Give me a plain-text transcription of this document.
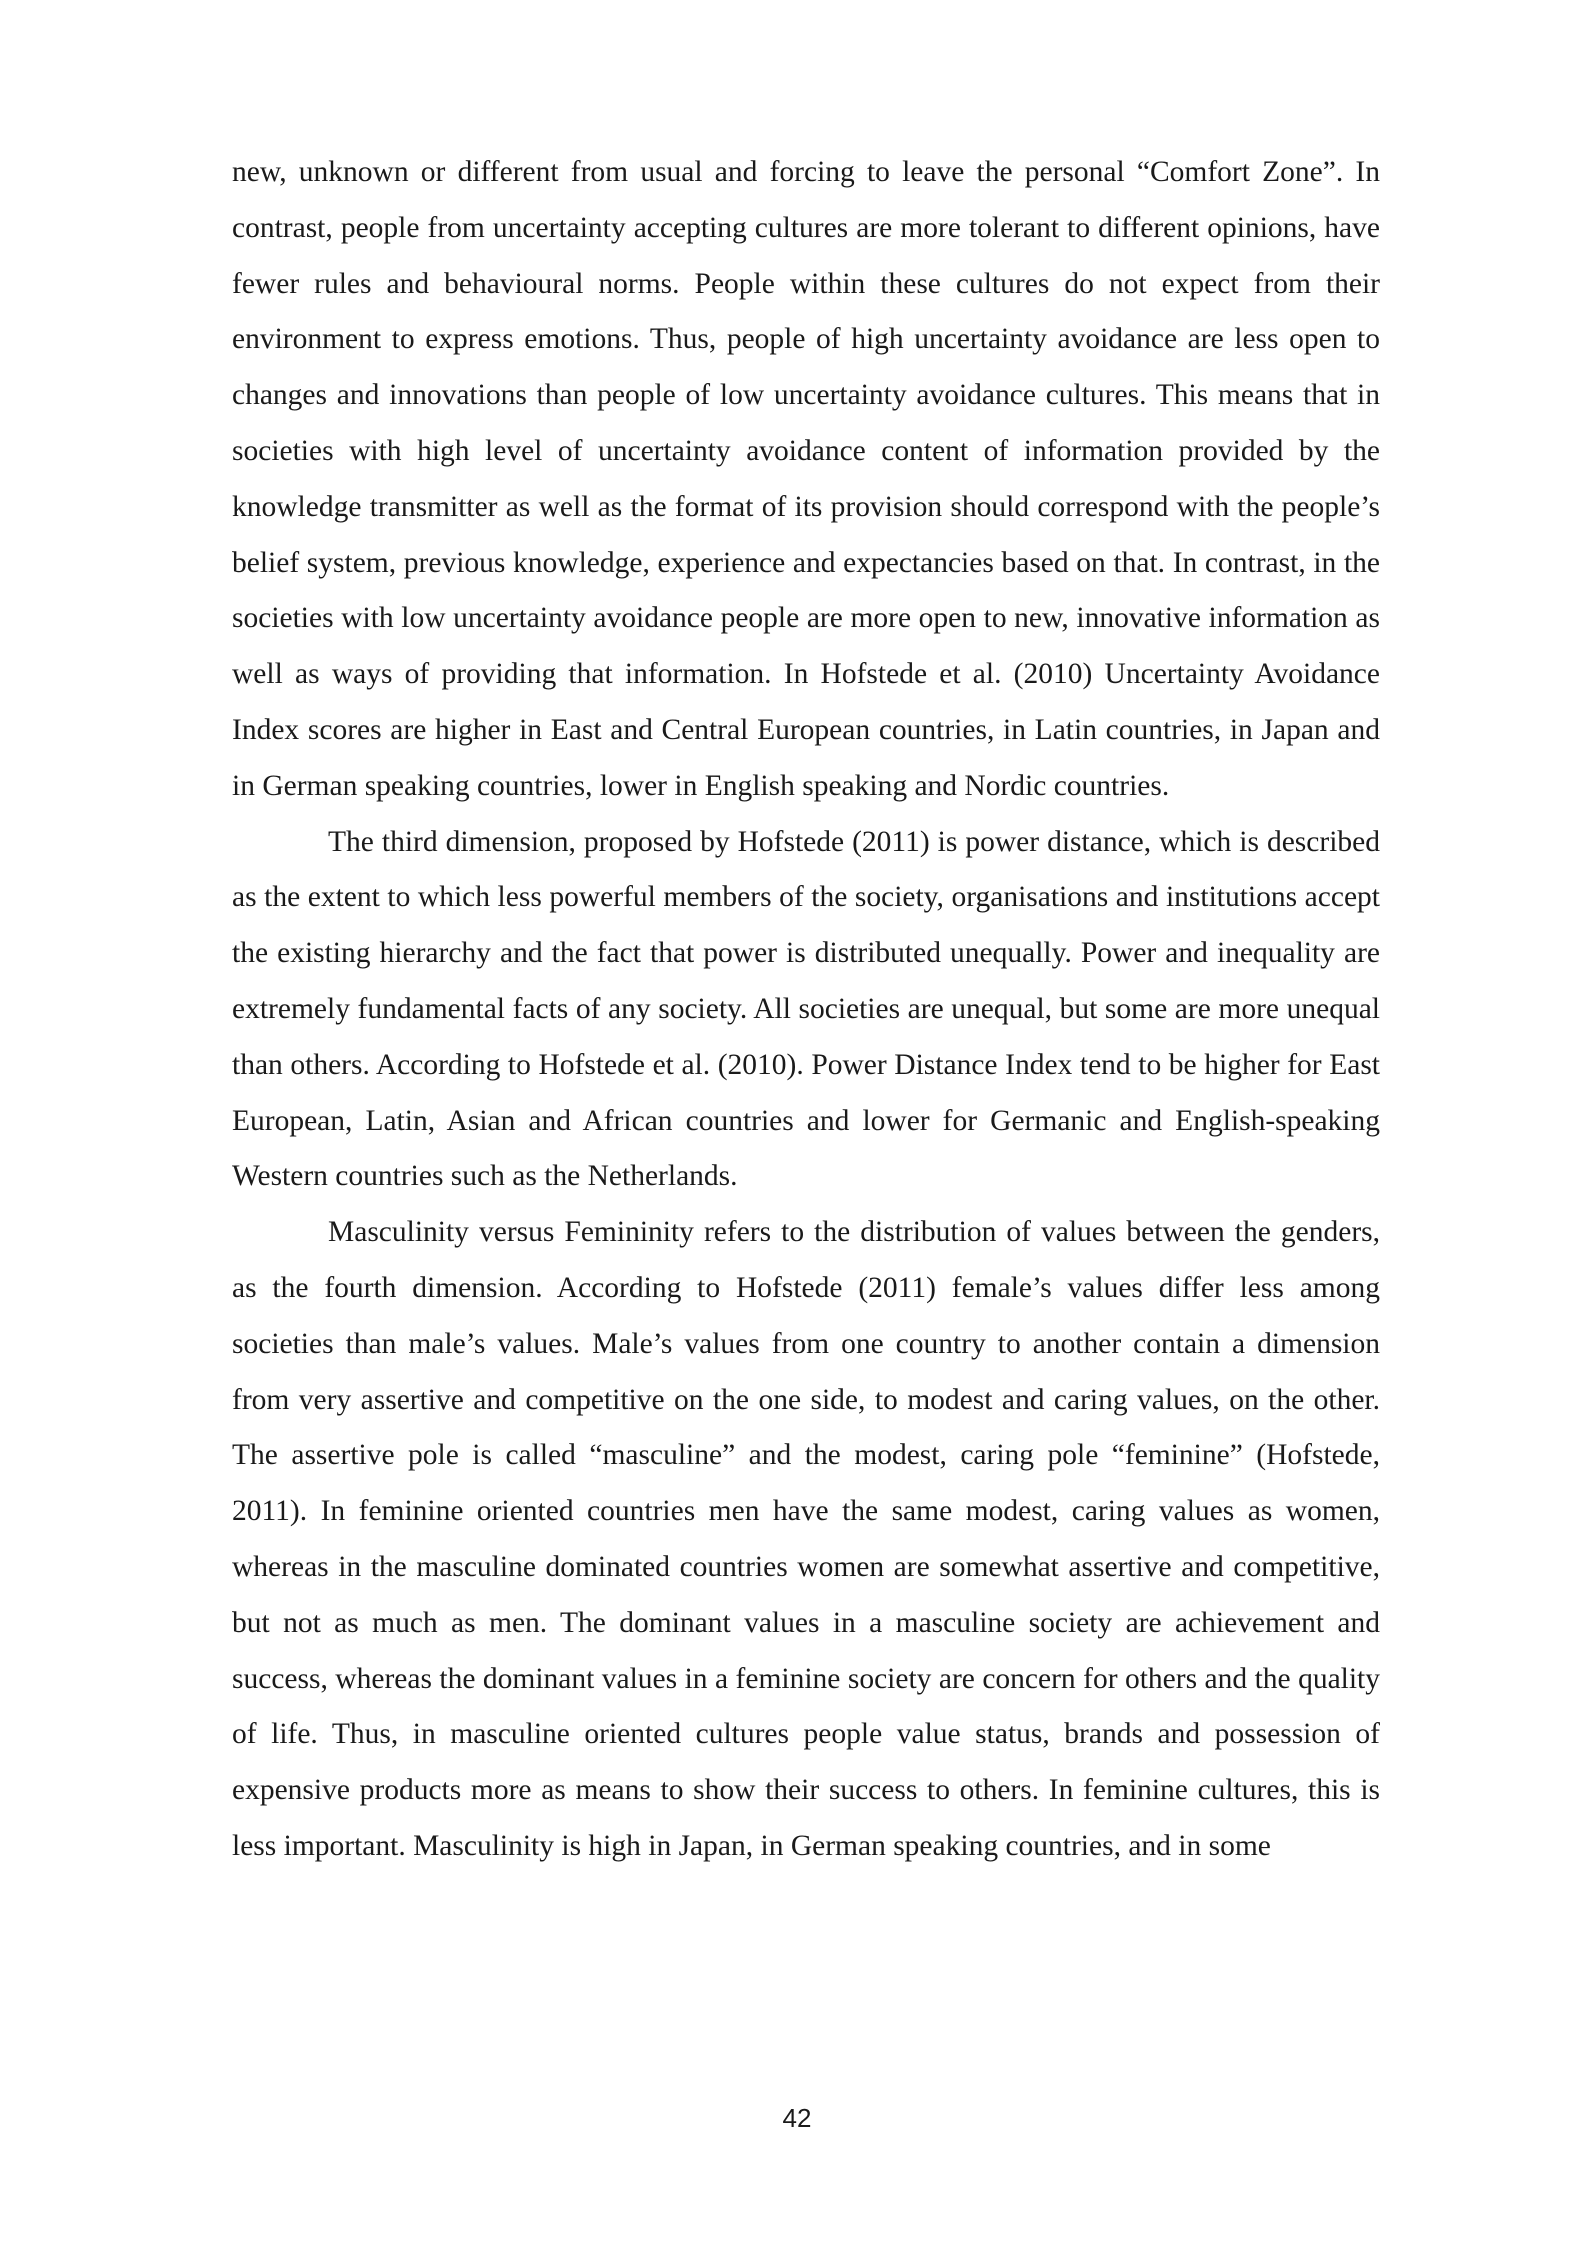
new, unknown or different from usual and forcing to leave the personal “Comfort Zone”. In contrast, people from uncertainty accepting cultures are more tolerant to different opinions, have fewer rules and behavioural norms. People within these cultures do not expect from their environment to express emotions. Thus, people of high uncertainty avoidance are less open to changes and innovations than people of low uncertainty avoidance cultures. This means that in societies with high level of uncertainty avoidance content of information provided by the knowledge transmitter as well as the format of its provision should correspond with the people’s belief system, previous knowledge, experience and expectancies based on that. In contrast, in the societies with low uncertainty avoidance people are more open to new, innovative information as well as ways of providing that information. In Hofstede et al. (2010) Uncertainty Avoidance Index scores are higher in East and Central European countries, in Latin countries, in Japan and in German speaking countries, lower in English speaking and Nordic countries.

The third dimension, proposed by Hofstede (2011) is power distance, which is described as the extent to which less powerful members of the society, organisations and institutions accept the existing hierarchy and the fact that power is distributed unequally. Power and inequality are extremely fundamental facts of any society. All societies are unequal, but some are more unequal than others. According to Hofstede et al. (2010). Power Distance Index tend to be higher for East European, Latin, Asian and African countries and lower for Germanic and English-speaking Western countries such as the Netherlands.

Masculinity versus Femininity refers to the distribution of values between the genders, as the fourth dimension. According to Hofstede (2011) female’s values differ less among societies than male’s values. Male’s values from one country to another contain a dimension from very assertive and competitive on the one side, to modest and caring values, on the other. The assertive pole is called “masculine” and the modest, caring pole “feminine” (Hofstede, 2011). In feminine oriented countries men have the same modest, caring values as women, whereas in the masculine dominated countries women are somewhat assertive and competitive, but not as much as men. The dominant values in a masculine society are achievement and success, whereas the dominant values in a feminine society are concern for others and the quality of life. Thus, in masculine oriented cultures people value status, brands and possession of expensive products more as means to show their success to others. In feminine cultures, this is less important. Masculinity is high in Japan, in German speaking countries, and in some

42
